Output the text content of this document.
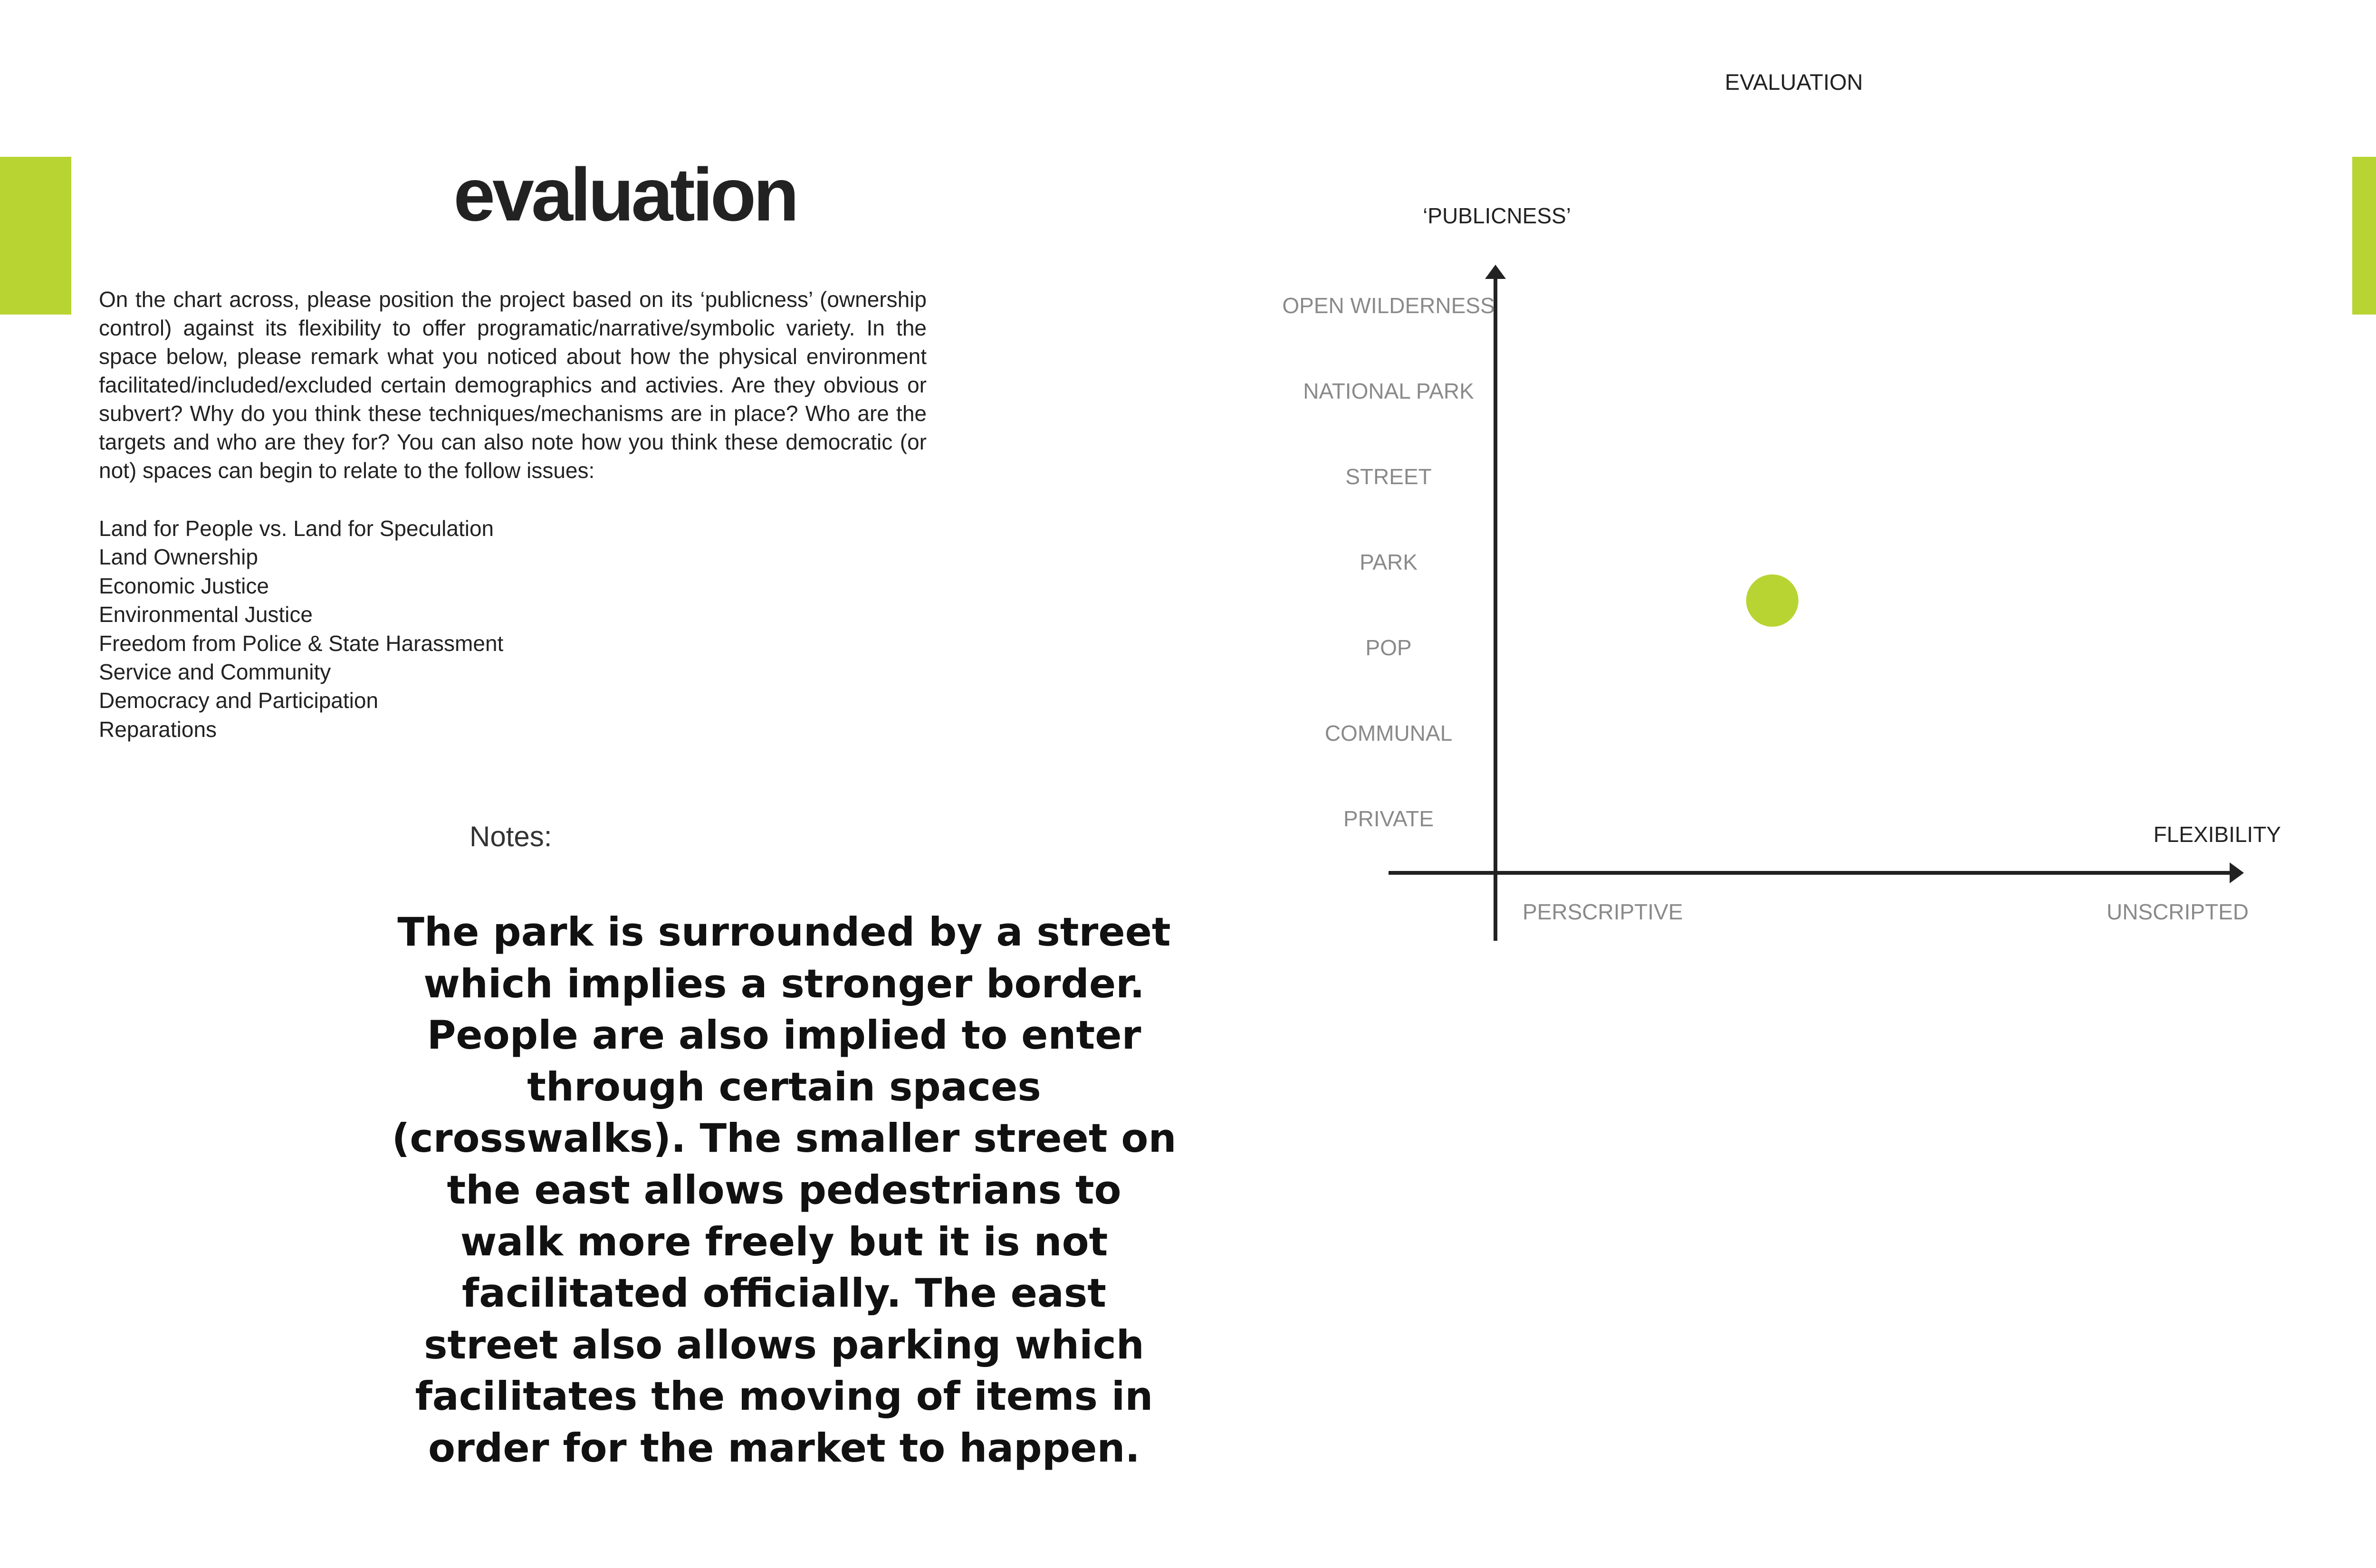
EVALUATION
evaluation
On the chart across, please position the project based on its ‘publicness’ (ownership control) against its flexibility to offer programatic/narrative/symbolic variety. In the space below, please remark what you noticed about how the physical environment facilitated/included/excluded certain demographics and activies. Are they obvious or subvert? Why do you think these techniques/mechanisms are in place? Who are the targets and who are they for? You can also note how you think these democratic (or not) spaces can begin to relate to the follow issues:
Land for People vs. Land for Speculation
Land Ownership
Economic Justice
Environmental Justice
Freedom from Police & State Harassment
Service and Community
Democracy and Participation
Reparations
Notes:
The park is surrounded by a street which implies a stronger border. People are also implied to enter through certain spaces (crosswalks). The smaller street on the east allows pedestrians to walk more freely but it is not facilitated officially. The east street also allows parking which facilitates the moving of items in order for the market to happen.
‘PUBLICNESS’
FLEXIBILITY
PRIVATE
COMMUNAL
POP
PARK
STREET
NATIONAL PARK
OPEN WILDERNESS
PERSCRIPTIVE	UNSCRIPTED
